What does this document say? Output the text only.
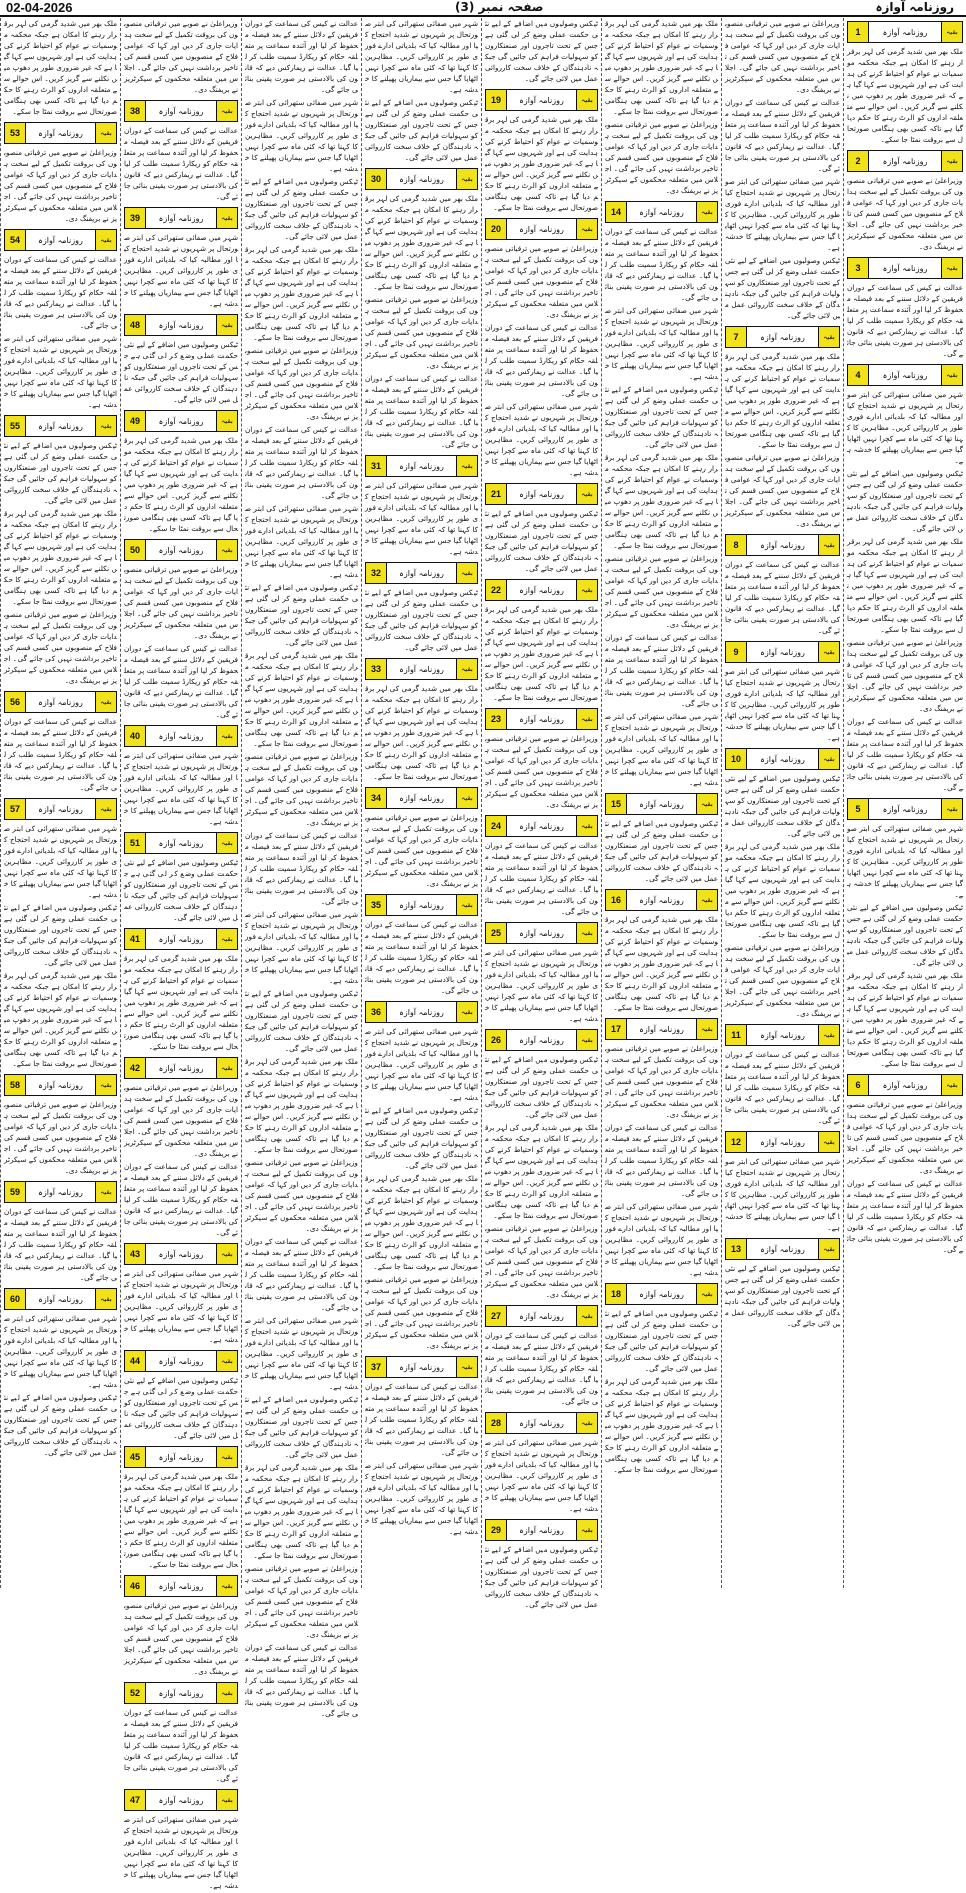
02-04-2026	صفحہ نمبر (3)	روزنامہ آوازہ

ملک بھر میں شدید گرمی کی لہر برقرار رہنے کا امکان ہے جبکہ محکمہ موسمیات نے عوام کو احتیاط کرنے کی ہدایت کی ہے اور شہریوں سے کہا گیا ہے کہ غیر ضروری طور پر دھوپ میں نکلنے سے گریز کریں۔ اس حوالے سے متعلقہ اداروں کو الرٹ رہنے کا حکم دیا گیا ہے تاکہ کسی بھی ہنگامی صورتحال سے بروقت نمٹا جا سکے۔

53	روزنامہ آوازہ	بقیہ

وزیراعلیٰ نے صوبے میں ترقیاتی منصوبوں کی بروقت تکمیل کے لیے سخت ہدایات جاری کر دیں اور کہا کہ عوامی فلاح کے منصوبوں میں کسی قسم کی تاخیر برداشت نہیں کی جائے گی۔ اجلاس میں متعلقہ محکموں کے سیکرٹریز نے بریفنگ دی۔

54	روزنامہ آوازہ	بقیہ

عدالت نے کیس کی سماعت کے دوران فریقین کے دلائل سننے کے بعد فیصلہ محفوظ کر لیا اور آئندہ سماعت پر متعلقہ حکام کو ریکارڈ سمیت طلب کر لیا گیا۔ عدالت نے ریمارکس دیے کہ قانون کی بالادستی ہر صورت یقینی بنائی جائے گی۔

شہر میں صفائی ستھرائی کی ابتر صورتحال پر شہریوں نے شدید احتجاج کیا اور مطالبہ کیا کہ بلدیاتی ادارے فوری طور پر کارروائی کریں۔ مظاہرین کا کہنا تھا کہ کئی ماہ سے کچرا نہیں اٹھایا گیا جس سے بیماریاں پھیلنے کا خدشہ ہے۔

55	روزنامہ آوازہ	بقیہ

ٹیکس وصولیوں میں اضافے کے لیے نئی حکمت عملی وضع کر لی گئی ہے جس کے تحت تاجروں اور صنعتکاروں کو سہولیات فراہم کی جائیں گی جبکہ نادہندگان کے خلاف سخت کارروائی عمل میں لائی جائے گی۔

ملک بھر میں شدید گرمی کی لہر برقرار رہنے کا امکان ہے جبکہ محکمہ موسمیات نے عوام کو احتیاط کرنے کی ہدایت کی ہے اور شہریوں سے کہا گیا ہے کہ غیر ضروری طور پر دھوپ میں نکلنے سے گریز کریں۔ اس حوالے سے متعلقہ اداروں کو الرٹ رہنے کا حکم دیا گیا ہے تاکہ کسی بھی ہنگامی صورتحال سے بروقت نمٹا جا سکے۔

وزیراعلیٰ نے صوبے میں ترقیاتی منصوبوں کی بروقت تکمیل کے لیے سخت ہدایات جاری کر دیں اور کہا کہ عوامی فلاح کے منصوبوں میں کسی قسم کی تاخیر برداشت نہیں کی جائے گی۔ اجلاس میں متعلقہ محکموں کے سیکرٹریز نے بریفنگ دی۔

56	روزنامہ آوازہ	بقیہ

عدالت نے کیس کی سماعت کے دوران فریقین کے دلائل سننے کے بعد فیصلہ محفوظ کر لیا اور آئندہ سماعت پر متعلقہ حکام کو ریکارڈ سمیت طلب کر لیا گیا۔ عدالت نے ریمارکس دیے کہ قانون کی بالادستی ہر صورت یقینی بنائی جائے گی۔

57	روزنامہ آوازہ	بقیہ

شہر میں صفائی ستھرائی کی ابتر صورتحال پر شہریوں نے شدید احتجاج کیا اور مطالبہ کیا کہ بلدیاتی ادارے فوری طور پر کارروائی کریں۔ مظاہرین کا کہنا تھا کہ کئی ماہ سے کچرا نہیں اٹھایا گیا جس سے بیماریاں پھیلنے کا خدشہ ہے۔

ٹیکس وصولیوں میں اضافے کے لیے نئی حکمت عملی وضع کر لی گئی ہے جس کے تحت تاجروں اور صنعتکاروں کو سہولیات فراہم کی جائیں گی جبکہ نادہندگان کے خلاف سخت کارروائی عمل میں لائی جائے گی۔

ملک بھر میں شدید گرمی کی لہر برقرار رہنے کا امکان ہے جبکہ محکمہ موسمیات نے عوام کو احتیاط کرنے کی ہدایت کی ہے اور شہریوں سے کہا گیا ہے کہ غیر ضروری طور پر دھوپ میں نکلنے سے گریز کریں۔ اس حوالے سے متعلقہ اداروں کو الرٹ رہنے کا حکم دیا گیا ہے تاکہ کسی بھی ہنگامی صورتحال سے بروقت نمٹا جا سکے۔

58	روزنامہ آوازہ	بقیہ

وزیراعلیٰ نے صوبے میں ترقیاتی منصوبوں کی بروقت تکمیل کے لیے سخت ہدایات جاری کر دیں اور کہا کہ عوامی فلاح کے منصوبوں میں کسی قسم کی تاخیر برداشت نہیں کی جائے گی۔ اجلاس میں متعلقہ محکموں کے سیکرٹریز نے بریفنگ دی۔

59	روزنامہ آوازہ	بقیہ

عدالت نے کیس کی سماعت کے دوران فریقین کے دلائل سننے کے بعد فیصلہ محفوظ کر لیا اور آئندہ سماعت پر متعلقہ حکام کو ریکارڈ سمیت طلب کر لیا گیا۔ عدالت نے ریمارکس دیے کہ قانون کی بالادستی ہر صورت یقینی بنائی جائے گی۔

60	روزنامہ آوازہ	بقیہ

شہر میں صفائی ستھرائی کی ابتر صورتحال پر شہریوں نے شدید احتجاج کیا اور مطالبہ کیا کہ بلدیاتی ادارے فوری طور پر کارروائی کریں۔ مظاہرین کا کہنا تھا کہ کئی ماہ سے کچرا نہیں اٹھایا گیا جس سے بیماریاں پھیلنے کا خدشہ ہے۔

ٹیکس وصولیوں میں اضافے کے لیے نئی حکمت عملی وضع کر لی گئی ہے جس کے تحت تاجروں اور صنعتکاروں کو سہولیات فراہم کی جائیں گی جبکہ نادہندگان کے خلاف سخت کارروائی عمل میں لائی جائے گی۔

وزیراعلیٰ نے صوبے میں ترقیاتی منصوبوں کی بروقت تکمیل کے لیے سخت ہدایات جاری کر دیں اور کہا کہ عوامی فلاح کے منصوبوں میں کسی قسم کی تاخیر برداشت نہیں کی جائے گی۔ اجلاس میں متعلقہ محکموں کے سیکرٹریز نے بریفنگ دی۔

38	روزنامہ آوازہ	بقیہ

عدالت نے کیس کی سماعت کے دوران فریقین کے دلائل سننے کے بعد فیصلہ محفوظ کر لیا اور آئندہ سماعت پر متعلقہ حکام کو ریکارڈ سمیت طلب کر لیا گیا۔ عدالت نے ریمارکس دیے کہ قانون کی بالادستی ہر صورت یقینی بنائی جائے گی۔

39	روزنامہ آوازہ	بقیہ

شہر میں صفائی ستھرائی کی ابتر صورتحال پر شہریوں نے شدید احتجاج کیا اور مطالبہ کیا کہ بلدیاتی ادارے فوری طور پر کارروائی کریں۔ مظاہرین کا کہنا تھا کہ کئی ماہ سے کچرا نہیں اٹھایا گیا جس سے بیماریاں پھیلنے کا خدشہ ہے۔

48	روزنامہ آوازہ	بقیہ

ٹیکس وصولیوں میں اضافے کے لیے نئی حکمت عملی وضع کر لی گئی ہے جس کے تحت تاجروں اور صنعتکاروں کو سہولیات فراہم کی جائیں گی جبکہ نادہندگان کے خلاف سخت کارروائی عمل میں لائی جائے گی۔

49	روزنامہ آوازہ	بقیہ

ملک بھر میں شدید گرمی کی لہر برقرار رہنے کا امکان ہے جبکہ محکمہ موسمیات نے عوام کو احتیاط کرنے کی ہدایت کی ہے اور شہریوں سے کہا گیا ہے کہ غیر ضروری طور پر دھوپ میں نکلنے سے گریز کریں۔ اس حوالے سے متعلقہ اداروں کو الرٹ رہنے کا حکم دیا گیا ہے تاکہ کسی بھی ہنگامی صورتحال سے بروقت نمٹا جا سکے۔

50	روزنامہ آوازہ	بقیہ

وزیراعلیٰ نے صوبے میں ترقیاتی منصوبوں کی بروقت تکمیل کے لیے سخت ہدایات جاری کر دیں اور کہا کہ عوامی فلاح کے منصوبوں میں کسی قسم کی تاخیر برداشت نہیں کی جائے گی۔ اجلاس میں متعلقہ محکموں کے سیکرٹریز نے بریفنگ دی۔

عدالت نے کیس کی سماعت کے دوران فریقین کے دلائل سننے کے بعد فیصلہ محفوظ کر لیا اور آئندہ سماعت پر متعلقہ حکام کو ریکارڈ سمیت طلب کر لیا گیا۔ عدالت نے ریمارکس دیے کہ قانون کی بالادستی ہر صورت یقینی بنائی جائے گی۔

40	روزنامہ آوازہ	بقیہ

شہر میں صفائی ستھرائی کی ابتر صورتحال پر شہریوں نے شدید احتجاج کیا اور مطالبہ کیا کہ بلدیاتی ادارے فوری طور پر کارروائی کریں۔ مظاہرین کا کہنا تھا کہ کئی ماہ سے کچرا نہیں اٹھایا گیا جس سے بیماریاں پھیلنے کا خدشہ ہے۔

51	روزنامہ آوازہ	بقیہ

ٹیکس وصولیوں میں اضافے کے لیے نئی حکمت عملی وضع کر لی گئی ہے جس کے تحت تاجروں اور صنعتکاروں کو سہولیات فراہم کی جائیں گی جبکہ نادہندگان کے خلاف سخت کارروائی عمل میں لائی جائے گی۔

41	روزنامہ آوازہ	بقیہ

ملک بھر میں شدید گرمی کی لہر برقرار رہنے کا امکان ہے جبکہ محکمہ موسمیات نے عوام کو احتیاط کرنے کی ہدایت کی ہے اور شہریوں سے کہا گیا ہے کہ غیر ضروری طور پر دھوپ میں نکلنے سے گریز کریں۔ اس حوالے سے متعلقہ اداروں کو الرٹ رہنے کا حکم دیا گیا ہے تاکہ کسی بھی ہنگامی صورتحال سے بروقت نمٹا جا سکے۔

42	روزنامہ آوازہ	بقیہ

وزیراعلیٰ نے صوبے میں ترقیاتی منصوبوں کی بروقت تکمیل کے لیے سخت ہدایات جاری کر دیں اور کہا کہ عوامی فلاح کے منصوبوں میں کسی قسم کی تاخیر برداشت نہیں کی جائے گی۔ اجلاس میں متعلقہ محکموں کے سیکرٹریز نے بریفنگ دی۔

عدالت نے کیس کی سماعت کے دوران فریقین کے دلائل سننے کے بعد فیصلہ محفوظ کر لیا اور آئندہ سماعت پر متعلقہ حکام کو ریکارڈ سمیت طلب کر لیا گیا۔ عدالت نے ریمارکس دیے کہ قانون کی بالادستی ہر صورت یقینی بنائی جائے گی۔

43	روزنامہ آوازہ	بقیہ

شہر میں صفائی ستھرائی کی ابتر صورتحال پر شہریوں نے شدید احتجاج کیا اور مطالبہ کیا کہ بلدیاتی ادارے فوری طور پر کارروائی کریں۔ مظاہرین کا کہنا تھا کہ کئی ماہ سے کچرا نہیں اٹھایا گیا جس سے بیماریاں پھیلنے کا خدشہ ہے۔

44	روزنامہ آوازہ	بقیہ

ٹیکس وصولیوں میں اضافے کے لیے نئی حکمت عملی وضع کر لی گئی ہے جس کے تحت تاجروں اور صنعتکاروں کو سہولیات فراہم کی جائیں گی جبکہ نادہندگان کے خلاف سخت کارروائی عمل میں لائی جائے گی۔

45	روزنامہ آوازہ	بقیہ

ملک بھر میں شدید گرمی کی لہر برقرار رہنے کا امکان ہے جبکہ محکمہ موسمیات نے عوام کو احتیاط کرنے کی ہدایت کی ہے اور شہریوں سے کہا گیا ہے کہ غیر ضروری طور پر دھوپ میں نکلنے سے گریز کریں۔ اس حوالے سے متعلقہ اداروں کو الرٹ رہنے کا حکم دیا گیا ہے تاکہ کسی بھی ہنگامی صورتحال سے بروقت نمٹا جا سکے۔

46	روزنامہ آوازہ	بقیہ

وزیراعلیٰ نے صوبے میں ترقیاتی منصوبوں کی بروقت تکمیل کے لیے سخت ہدایات جاری کر دیں اور کہا کہ عوامی فلاح کے منصوبوں میں کسی قسم کی تاخیر برداشت نہیں کی جائے گی۔ اجلاس میں متعلقہ محکموں کے سیکرٹریز نے بریفنگ دی۔

52	روزنامہ آوازہ	بقیہ

عدالت نے کیس کی سماعت کے دوران فریقین کے دلائل سننے کے بعد فیصلہ محفوظ کر لیا اور آئندہ سماعت پر متعلقہ حکام کو ریکارڈ سمیت طلب کر لیا گیا۔ عدالت نے ریمارکس دیے کہ قانون کی بالادستی ہر صورت یقینی بنائی جائے گی۔

47	روزنامہ آوازہ	بقیہ

شہر میں صفائی ستھرائی کی ابتر صورتحال پر شہریوں نے شدید احتجاج کیا اور مطالبہ کیا کہ بلدیاتی ادارے فوری طور پر کارروائی کریں۔ مظاہرین کا کہنا تھا کہ کئی ماہ سے کچرا نہیں اٹھایا گیا جس سے بیماریاں پھیلنے کا خدشہ ہے۔

عدالت نے کیس کی سماعت کے دوران فریقین کے دلائل سننے کے بعد فیصلہ محفوظ کر لیا اور آئندہ سماعت پر متعلقہ حکام کو ریکارڈ سمیت طلب کر لیا گیا۔ عدالت نے ریمارکس دیے کہ قانون کی بالادستی ہر صورت یقینی بنائی جائے گی۔

شہر میں صفائی ستھرائی کی ابتر صورتحال پر شہریوں نے شدید احتجاج کیا اور مطالبہ کیا کہ بلدیاتی ادارے فوری طور پر کارروائی کریں۔ مظاہرین کا کہنا تھا کہ کئی ماہ سے کچرا نہیں اٹھایا گیا جس سے بیماریاں پھیلنے کا خدشہ ہے۔

ٹیکس وصولیوں میں اضافے کے لیے نئی حکمت عملی وضع کر لی گئی ہے جس کے تحت تاجروں اور صنعتکاروں کو سہولیات فراہم کی جائیں گی جبکہ نادہندگان کے خلاف سخت کارروائی عمل میں لائی جائے گی۔

ملک بھر میں شدید گرمی کی لہر برقرار رہنے کا امکان ہے جبکہ محکمہ موسمیات نے عوام کو احتیاط کرنے کی ہدایت کی ہے اور شہریوں سے کہا گیا ہے کہ غیر ضروری طور پر دھوپ میں نکلنے سے گریز کریں۔ اس حوالے سے متعلقہ اداروں کو الرٹ رہنے کا حکم دیا گیا ہے تاکہ کسی بھی ہنگامی صورتحال سے بروقت نمٹا جا سکے۔

وزیراعلیٰ نے صوبے میں ترقیاتی منصوبوں کی بروقت تکمیل کے لیے سخت ہدایات جاری کر دیں اور کہا کہ عوامی فلاح کے منصوبوں میں کسی قسم کی تاخیر برداشت نہیں کی جائے گی۔ اجلاس میں متعلقہ محکموں کے سیکرٹریز نے بریفنگ دی۔

عدالت نے کیس کی سماعت کے دوران فریقین کے دلائل سننے کے بعد فیصلہ محفوظ کر لیا اور آئندہ سماعت پر متعلقہ حکام کو ریکارڈ سمیت طلب کر لیا گیا۔ عدالت نے ریمارکس دیے کہ قانون کی بالادستی ہر صورت یقینی بنائی جائے گی۔

شہر میں صفائی ستھرائی کی ابتر صورتحال پر شہریوں نے شدید احتجاج کیا اور مطالبہ کیا کہ بلدیاتی ادارے فوری طور پر کارروائی کریں۔ مظاہرین کا کہنا تھا کہ کئی ماہ سے کچرا نہیں اٹھایا گیا جس سے بیماریاں پھیلنے کا خدشہ ہے۔

ٹیکس وصولیوں میں اضافے کے لیے نئی حکمت عملی وضع کر لی گئی ہے جس کے تحت تاجروں اور صنعتکاروں کو سہولیات فراہم کی جائیں گی جبکہ نادہندگان کے خلاف سخت کارروائی عمل میں لائی جائے گی۔

ملک بھر میں شدید گرمی کی لہر برقرار رہنے کا امکان ہے جبکہ محکمہ موسمیات نے عوام کو احتیاط کرنے کی ہدایت کی ہے اور شہریوں سے کہا گیا ہے کہ غیر ضروری طور پر دھوپ میں نکلنے سے گریز کریں۔ اس حوالے سے متعلقہ اداروں کو الرٹ رہنے کا حکم دیا گیا ہے تاکہ کسی بھی ہنگامی صورتحال سے بروقت نمٹا جا سکے۔

وزیراعلیٰ نے صوبے میں ترقیاتی منصوبوں کی بروقت تکمیل کے لیے سخت ہدایات جاری کر دیں اور کہا کہ عوامی فلاح کے منصوبوں میں کسی قسم کی تاخیر برداشت نہیں کی جائے گی۔ اجلاس میں متعلقہ محکموں کے سیکرٹریز نے بریفنگ دی۔

عدالت نے کیس کی سماعت کے دوران فریقین کے دلائل سننے کے بعد فیصلہ محفوظ کر لیا اور آئندہ سماعت پر متعلقہ حکام کو ریکارڈ سمیت طلب کر لیا گیا۔ عدالت نے ریمارکس دیے کہ قانون کی بالادستی ہر صورت یقینی بنائی جائے گی۔

شہر میں صفائی ستھرائی کی ابتر صورتحال پر شہریوں نے شدید احتجاج کیا اور مطالبہ کیا کہ بلدیاتی ادارے فوری طور پر کارروائی کریں۔ مظاہرین کا کہنا تھا کہ کئی ماہ سے کچرا نہیں اٹھایا گیا جس سے بیماریاں پھیلنے کا خدشہ ہے۔

ٹیکس وصولیوں میں اضافے کے لیے نئی حکمت عملی وضع کر لی گئی ہے جس کے تحت تاجروں اور صنعتکاروں کو سہولیات فراہم کی جائیں گی جبکہ نادہندگان کے خلاف سخت کارروائی عمل میں لائی جائے گی۔

ملک بھر میں شدید گرمی کی لہر برقرار رہنے کا امکان ہے جبکہ محکمہ موسمیات نے عوام کو احتیاط کرنے کی ہدایت کی ہے اور شہریوں سے کہا گیا ہے کہ غیر ضروری طور پر دھوپ میں نکلنے سے گریز کریں۔ اس حوالے سے متعلقہ اداروں کو الرٹ رہنے کا حکم دیا گیا ہے تاکہ کسی بھی ہنگامی صورتحال سے بروقت نمٹا جا سکے۔

وزیراعلیٰ نے صوبے میں ترقیاتی منصوبوں کی بروقت تکمیل کے لیے سخت ہدایات جاری کر دیں اور کہا کہ عوامی فلاح کے منصوبوں میں کسی قسم کی تاخیر برداشت نہیں کی جائے گی۔ اجلاس میں متعلقہ محکموں کے سیکرٹریز نے بریفنگ دی۔

عدالت نے کیس کی سماعت کے دوران فریقین کے دلائل سننے کے بعد فیصلہ محفوظ کر لیا اور آئندہ سماعت پر متعلقہ حکام کو ریکارڈ سمیت طلب کر لیا گیا۔ عدالت نے ریمارکس دیے کہ قانون کی بالادستی ہر صورت یقینی بنائی جائے گی۔

شہر میں صفائی ستھرائی کی ابتر صورتحال پر شہریوں نے شدید احتجاج کیا اور مطالبہ کیا کہ بلدیاتی ادارے فوری طور پر کارروائی کریں۔ مظاہرین کا کہنا تھا کہ کئی ماہ سے کچرا نہیں اٹھایا گیا جس سے بیماریاں پھیلنے کا خدشہ ہے۔

ٹیکس وصولیوں میں اضافے کے لیے نئی حکمت عملی وضع کر لی گئی ہے جس کے تحت تاجروں اور صنعتکاروں کو سہولیات فراہم کی جائیں گی جبکہ نادہندگان کے خلاف سخت کارروائی عمل میں لائی جائے گی۔

ملک بھر میں شدید گرمی کی لہر برقرار رہنے کا امکان ہے جبکہ محکمہ موسمیات نے عوام کو احتیاط کرنے کی ہدایت کی ہے اور شہریوں سے کہا گیا ہے کہ غیر ضروری طور پر دھوپ میں نکلنے سے گریز کریں۔ اس حوالے سے متعلقہ اداروں کو الرٹ رہنے کا حکم دیا گیا ہے تاکہ کسی بھی ہنگامی صورتحال سے بروقت نمٹا جا سکے۔

وزیراعلیٰ نے صوبے میں ترقیاتی منصوبوں کی بروقت تکمیل کے لیے سخت ہدایات جاری کر دیں اور کہا کہ عوامی فلاح کے منصوبوں میں کسی قسم کی تاخیر برداشت نہیں کی جائے گی۔ اجلاس میں متعلقہ محکموں کے سیکرٹریز نے بریفنگ دی۔

عدالت نے کیس کی سماعت کے دوران فریقین کے دلائل سننے کے بعد فیصلہ محفوظ کر لیا اور آئندہ سماعت پر متعلقہ حکام کو ریکارڈ سمیت طلب کر لیا گیا۔ عدالت نے ریمارکس دیے کہ قانون کی بالادستی ہر صورت یقینی بنائی جائے گی۔

شہر میں صفائی ستھرائی کی ابتر صورتحال پر شہریوں نے شدید احتجاج کیا اور مطالبہ کیا کہ بلدیاتی ادارے فوری طور پر کارروائی کریں۔ مظاہرین کا کہنا تھا کہ کئی ماہ سے کچرا نہیں اٹھایا گیا جس سے بیماریاں پھیلنے کا خدشہ ہے۔

ٹیکس وصولیوں میں اضافے کے لیے نئی حکمت عملی وضع کر لی گئی ہے جس کے تحت تاجروں اور صنعتکاروں کو سہولیات فراہم کی جائیں گی جبکہ نادہندگان کے خلاف سخت کارروائی عمل میں لائی جائے گی۔

30	روزنامہ آوازہ	بقیہ

ملک بھر میں شدید گرمی کی لہر برقرار رہنے کا امکان ہے جبکہ محکمہ موسمیات نے عوام کو احتیاط کرنے کی ہدایت کی ہے اور شہریوں سے کہا گیا ہے کہ غیر ضروری طور پر دھوپ میں نکلنے سے گریز کریں۔ اس حوالے سے متعلقہ اداروں کو الرٹ رہنے کا حکم دیا گیا ہے تاکہ کسی بھی ہنگامی صورتحال سے بروقت نمٹا جا سکے۔

وزیراعلیٰ نے صوبے میں ترقیاتی منصوبوں کی بروقت تکمیل کے لیے سخت ہدایات جاری کر دیں اور کہا کہ عوامی فلاح کے منصوبوں میں کسی قسم کی تاخیر برداشت نہیں کی جائے گی۔ اجلاس میں متعلقہ محکموں کے سیکرٹریز نے بریفنگ دی۔

عدالت نے کیس کی سماعت کے دوران فریقین کے دلائل سننے کے بعد فیصلہ محفوظ کر لیا اور آئندہ سماعت پر متعلقہ حکام کو ریکارڈ سمیت طلب کر لیا گیا۔ عدالت نے ریمارکس دیے کہ قانون کی بالادستی ہر صورت یقینی بنائی جائے گی۔

31	روزنامہ آوازہ	بقیہ

شہر میں صفائی ستھرائی کی ابتر صورتحال پر شہریوں نے شدید احتجاج کیا اور مطالبہ کیا کہ بلدیاتی ادارے فوری طور پر کارروائی کریں۔ مظاہرین کا کہنا تھا کہ کئی ماہ سے کچرا نہیں اٹھایا گیا جس سے بیماریاں پھیلنے کا خدشہ ہے۔

32	روزنامہ آوازہ	بقیہ

ٹیکس وصولیوں میں اضافے کے لیے نئی حکمت عملی وضع کر لی گئی ہے جس کے تحت تاجروں اور صنعتکاروں کو سہولیات فراہم کی جائیں گی جبکہ نادہندگان کے خلاف سخت کارروائی عمل میں لائی جائے گی۔

33	روزنامہ آوازہ	بقیہ

ملک بھر میں شدید گرمی کی لہر برقرار رہنے کا امکان ہے جبکہ محکمہ موسمیات نے عوام کو احتیاط کرنے کی ہدایت کی ہے اور شہریوں سے کہا گیا ہے کہ غیر ضروری طور پر دھوپ میں نکلنے سے گریز کریں۔ اس حوالے سے متعلقہ اداروں کو الرٹ رہنے کا حکم دیا گیا ہے تاکہ کسی بھی ہنگامی صورتحال سے بروقت نمٹا جا سکے۔

34	روزنامہ آوازہ	بقیہ

وزیراعلیٰ نے صوبے میں ترقیاتی منصوبوں کی بروقت تکمیل کے لیے سخت ہدایات جاری کر دیں اور کہا کہ عوامی فلاح کے منصوبوں میں کسی قسم کی تاخیر برداشت نہیں کی جائے گی۔ اجلاس میں متعلقہ محکموں کے سیکرٹریز نے بریفنگ دی۔

35	روزنامہ آوازہ	بقیہ

عدالت نے کیس کی سماعت کے دوران فریقین کے دلائل سننے کے بعد فیصلہ محفوظ کر لیا اور آئندہ سماعت پر متعلقہ حکام کو ریکارڈ سمیت طلب کر لیا گیا۔ عدالت نے ریمارکس دیے کہ قانون کی بالادستی ہر صورت یقینی بنائی جائے گی۔

36	روزنامہ آوازہ	بقیہ

شہر میں صفائی ستھرائی کی ابتر صورتحال پر شہریوں نے شدید احتجاج کیا اور مطالبہ کیا کہ بلدیاتی ادارے فوری طور پر کارروائی کریں۔ مظاہرین کا کہنا تھا کہ کئی ماہ سے کچرا نہیں اٹھایا گیا جس سے بیماریاں پھیلنے کا خدشہ ہے۔

ٹیکس وصولیوں میں اضافے کے لیے نئی حکمت عملی وضع کر لی گئی ہے جس کے تحت تاجروں اور صنعتکاروں کو سہولیات فراہم کی جائیں گی جبکہ نادہندگان کے خلاف سخت کارروائی عمل میں لائی جائے گی۔

ملک بھر میں شدید گرمی کی لہر برقرار رہنے کا امکان ہے جبکہ محکمہ موسمیات نے عوام کو احتیاط کرنے کی ہدایت کی ہے اور شہریوں سے کہا گیا ہے کہ غیر ضروری طور پر دھوپ میں نکلنے سے گریز کریں۔ اس حوالے سے متعلقہ اداروں کو الرٹ رہنے کا حکم دیا گیا ہے تاکہ کسی بھی ہنگامی صورتحال سے بروقت نمٹا جا سکے۔

وزیراعلیٰ نے صوبے میں ترقیاتی منصوبوں کی بروقت تکمیل کے لیے سخت ہدایات جاری کر دیں اور کہا کہ عوامی فلاح کے منصوبوں میں کسی قسم کی تاخیر برداشت نہیں کی جائے گی۔ اجلاس میں متعلقہ محکموں کے سیکرٹریز نے بریفنگ دی۔

37	روزنامہ آوازہ	بقیہ

عدالت نے کیس کی سماعت کے دوران فریقین کے دلائل سننے کے بعد فیصلہ محفوظ کر لیا اور آئندہ سماعت پر متعلقہ حکام کو ریکارڈ سمیت طلب کر لیا گیا۔ عدالت نے ریمارکس دیے کہ قانون کی بالادستی ہر صورت یقینی بنائی جائے گی۔

شہر میں صفائی ستھرائی کی ابتر صورتحال پر شہریوں نے شدید احتجاج کیا اور مطالبہ کیا کہ بلدیاتی ادارے فوری طور پر کارروائی کریں۔ مظاہرین کا کہنا تھا کہ کئی ماہ سے کچرا نہیں اٹھایا گیا جس سے بیماریاں پھیلنے کا خدشہ ہے۔

ٹیکس وصولیوں میں اضافے کے لیے نئی حکمت عملی وضع کر لی گئی ہے جس کے تحت تاجروں اور صنعتکاروں کو سہولیات فراہم کی جائیں گی جبکہ نادہندگان کے خلاف سخت کارروائی عمل میں لائی جائے گی۔

19	روزنامہ آوازہ	بقیہ

ملک بھر میں شدید گرمی کی لہر برقرار رہنے کا امکان ہے جبکہ محکمہ موسمیات نے عوام کو احتیاط کرنے کی ہدایت کی ہے اور شہریوں سے کہا گیا ہے کہ غیر ضروری طور پر دھوپ میں نکلنے سے گریز کریں۔ اس حوالے سے متعلقہ اداروں کو الرٹ رہنے کا حکم دیا گیا ہے تاکہ کسی بھی ہنگامی صورتحال سے بروقت نمٹا جا سکے۔

20	روزنامہ آوازہ	بقیہ

وزیراعلیٰ نے صوبے میں ترقیاتی منصوبوں کی بروقت تکمیل کے لیے سخت ہدایات جاری کر دیں اور کہا کہ عوامی فلاح کے منصوبوں میں کسی قسم کی تاخیر برداشت نہیں کی جائے گی۔ اجلاس میں متعلقہ محکموں کے سیکرٹریز نے بریفنگ دی۔

عدالت نے کیس کی سماعت کے دوران فریقین کے دلائل سننے کے بعد فیصلہ محفوظ کر لیا اور آئندہ سماعت پر متعلقہ حکام کو ریکارڈ سمیت طلب کر لیا گیا۔ عدالت نے ریمارکس دیے کہ قانون کی بالادستی ہر صورت یقینی بنائی جائے گی۔

شہر میں صفائی ستھرائی کی ابتر صورتحال پر شہریوں نے شدید احتجاج کیا اور مطالبہ کیا کہ بلدیاتی ادارے فوری طور پر کارروائی کریں۔ مظاہرین کا کہنا تھا کہ کئی ماہ سے کچرا نہیں اٹھایا گیا جس سے بیماریاں پھیلنے کا خدشہ ہے۔

21	روزنامہ آوازہ	بقیہ

ٹیکس وصولیوں میں اضافے کے لیے نئی حکمت عملی وضع کر لی گئی ہے جس کے تحت تاجروں اور صنعتکاروں کو سہولیات فراہم کی جائیں گی جبکہ نادہندگان کے خلاف سخت کارروائی عمل میں لائی جائے گی۔

22	روزنامہ آوازہ	بقیہ

ملک بھر میں شدید گرمی کی لہر برقرار رہنے کا امکان ہے جبکہ محکمہ موسمیات نے عوام کو احتیاط کرنے کی ہدایت کی ہے اور شہریوں سے کہا گیا ہے کہ غیر ضروری طور پر دھوپ میں نکلنے سے گریز کریں۔ اس حوالے سے متعلقہ اداروں کو الرٹ رہنے کا حکم دیا گیا ہے تاکہ کسی بھی ہنگامی صورتحال سے بروقت نمٹا جا سکے۔

23	روزنامہ آوازہ	بقیہ

وزیراعلیٰ نے صوبے میں ترقیاتی منصوبوں کی بروقت تکمیل کے لیے سخت ہدایات جاری کر دیں اور کہا کہ عوامی فلاح کے منصوبوں میں کسی قسم کی تاخیر برداشت نہیں کی جائے گی۔ اجلاس میں متعلقہ محکموں کے سیکرٹریز نے بریفنگ دی۔

24	روزنامہ آوازہ	بقیہ

عدالت نے کیس کی سماعت کے دوران فریقین کے دلائل سننے کے بعد فیصلہ محفوظ کر لیا اور آئندہ سماعت پر متعلقہ حکام کو ریکارڈ سمیت طلب کر لیا گیا۔ عدالت نے ریمارکس دیے کہ قانون کی بالادستی ہر صورت یقینی بنائی جائے گی۔

25	روزنامہ آوازہ	بقیہ

شہر میں صفائی ستھرائی کی ابتر صورتحال پر شہریوں نے شدید احتجاج کیا اور مطالبہ کیا کہ بلدیاتی ادارے فوری طور پر کارروائی کریں۔ مظاہرین کا کہنا تھا کہ کئی ماہ سے کچرا نہیں اٹھایا گیا جس سے بیماریاں پھیلنے کا خدشہ ہے۔

26	روزنامہ آوازہ	بقیہ

ٹیکس وصولیوں میں اضافے کے لیے نئی حکمت عملی وضع کر لی گئی ہے جس کے تحت تاجروں اور صنعتکاروں کو سہولیات فراہم کی جائیں گی جبکہ نادہندگان کے خلاف سخت کارروائی عمل میں لائی جائے گی۔

ملک بھر میں شدید گرمی کی لہر برقرار رہنے کا امکان ہے جبکہ محکمہ موسمیات نے عوام کو احتیاط کرنے کی ہدایت کی ہے اور شہریوں سے کہا گیا ہے کہ غیر ضروری طور پر دھوپ میں نکلنے سے گریز کریں۔ اس حوالے سے متعلقہ اداروں کو الرٹ رہنے کا حکم دیا گیا ہے تاکہ کسی بھی ہنگامی صورتحال سے بروقت نمٹا جا سکے۔

وزیراعلیٰ نے صوبے میں ترقیاتی منصوبوں کی بروقت تکمیل کے لیے سخت ہدایات جاری کر دیں اور کہا کہ عوامی فلاح کے منصوبوں میں کسی قسم کی تاخیر برداشت نہیں کی جائے گی۔ اجلاس میں متعلقہ محکموں کے سیکرٹریز نے بریفنگ دی۔

27	روزنامہ آوازہ	بقیہ

عدالت نے کیس کی سماعت کے دوران فریقین کے دلائل سننے کے بعد فیصلہ محفوظ کر لیا اور آئندہ سماعت پر متعلقہ حکام کو ریکارڈ سمیت طلب کر لیا گیا۔ عدالت نے ریمارکس دیے کہ قانون کی بالادستی ہر صورت یقینی بنائی جائے گی۔

28	روزنامہ آوازہ	بقیہ

شہر میں صفائی ستھرائی کی ابتر صورتحال پر شہریوں نے شدید احتجاج کیا اور مطالبہ کیا کہ بلدیاتی ادارے فوری طور پر کارروائی کریں۔ مظاہرین کا کہنا تھا کہ کئی ماہ سے کچرا نہیں اٹھایا گیا جس سے بیماریاں پھیلنے کا خدشہ ہے۔

29	روزنامہ آوازہ	بقیہ

ٹیکس وصولیوں میں اضافے کے لیے نئی حکمت عملی وضع کر لی گئی ہے جس کے تحت تاجروں اور صنعتکاروں کو سہولیات فراہم کی جائیں گی جبکہ نادہندگان کے خلاف سخت کارروائی عمل میں لائی جائے گی۔

ملک بھر میں شدید گرمی کی لہر برقرار رہنے کا امکان ہے جبکہ محکمہ موسمیات نے عوام کو احتیاط کرنے کی ہدایت کی ہے اور شہریوں سے کہا گیا ہے کہ غیر ضروری طور پر دھوپ میں نکلنے سے گریز کریں۔ اس حوالے سے متعلقہ اداروں کو الرٹ رہنے کا حکم دیا گیا ہے تاکہ کسی بھی ہنگامی صورتحال سے بروقت نمٹا جا سکے۔

وزیراعلیٰ نے صوبے میں ترقیاتی منصوبوں کی بروقت تکمیل کے لیے سخت ہدایات جاری کر دیں اور کہا کہ عوامی فلاح کے منصوبوں میں کسی قسم کی تاخیر برداشت نہیں کی جائے گی۔ اجلاس میں متعلقہ محکموں کے سیکرٹریز نے بریفنگ دی۔

14	روزنامہ آوازہ	بقیہ

عدالت نے کیس کی سماعت کے دوران فریقین کے دلائل سننے کے بعد فیصلہ محفوظ کر لیا اور آئندہ سماعت پر متعلقہ حکام کو ریکارڈ سمیت طلب کر لیا گیا۔ عدالت نے ریمارکس دیے کہ قانون کی بالادستی ہر صورت یقینی بنائی جائے گی۔

شہر میں صفائی ستھرائی کی ابتر صورتحال پر شہریوں نے شدید احتجاج کیا اور مطالبہ کیا کہ بلدیاتی ادارے فوری طور پر کارروائی کریں۔ مظاہرین کا کہنا تھا کہ کئی ماہ سے کچرا نہیں اٹھایا گیا جس سے بیماریاں پھیلنے کا خدشہ ہے۔

ٹیکس وصولیوں میں اضافے کے لیے نئی حکمت عملی وضع کر لی گئی ہے جس کے تحت تاجروں اور صنعتکاروں کو سہولیات فراہم کی جائیں گی جبکہ نادہندگان کے خلاف سخت کارروائی عمل میں لائی جائے گی۔

ملک بھر میں شدید گرمی کی لہر برقرار رہنے کا امکان ہے جبکہ محکمہ موسمیات نے عوام کو احتیاط کرنے کی ہدایت کی ہے اور شہریوں سے کہا گیا ہے کہ غیر ضروری طور پر دھوپ میں نکلنے سے گریز کریں۔ اس حوالے سے متعلقہ اداروں کو الرٹ رہنے کا حکم دیا گیا ہے تاکہ کسی بھی ہنگامی صورتحال سے بروقت نمٹا جا سکے۔

وزیراعلیٰ نے صوبے میں ترقیاتی منصوبوں کی بروقت تکمیل کے لیے سخت ہدایات جاری کر دیں اور کہا کہ عوامی فلاح کے منصوبوں میں کسی قسم کی تاخیر برداشت نہیں کی جائے گی۔ اجلاس میں متعلقہ محکموں کے سیکرٹریز نے بریفنگ دی۔

عدالت نے کیس کی سماعت کے دوران فریقین کے دلائل سننے کے بعد فیصلہ محفوظ کر لیا اور آئندہ سماعت پر متعلقہ حکام کو ریکارڈ سمیت طلب کر لیا گیا۔ عدالت نے ریمارکس دیے کہ قانون کی بالادستی ہر صورت یقینی بنائی جائے گی۔

شہر میں صفائی ستھرائی کی ابتر صورتحال پر شہریوں نے شدید احتجاج کیا اور مطالبہ کیا کہ بلدیاتی ادارے فوری طور پر کارروائی کریں۔ مظاہرین کا کہنا تھا کہ کئی ماہ سے کچرا نہیں اٹھایا گیا جس سے بیماریاں پھیلنے کا خدشہ ہے۔

15	روزنامہ آوازہ	بقیہ

ٹیکس وصولیوں میں اضافے کے لیے نئی حکمت عملی وضع کر لی گئی ہے جس کے تحت تاجروں اور صنعتکاروں کو سہولیات فراہم کی جائیں گی جبکہ نادہندگان کے خلاف سخت کارروائی عمل میں لائی جائے گی۔

16	روزنامہ آوازہ	بقیہ

ملک بھر میں شدید گرمی کی لہر برقرار رہنے کا امکان ہے جبکہ محکمہ موسمیات نے عوام کو احتیاط کرنے کی ہدایت کی ہے اور شہریوں سے کہا گیا ہے کہ غیر ضروری طور پر دھوپ میں نکلنے سے گریز کریں۔ اس حوالے سے متعلقہ اداروں کو الرٹ رہنے کا حکم دیا گیا ہے تاکہ کسی بھی ہنگامی صورتحال سے بروقت نمٹا جا سکے۔

17	روزنامہ آوازہ	بقیہ

وزیراعلیٰ نے صوبے میں ترقیاتی منصوبوں کی بروقت تکمیل کے لیے سخت ہدایات جاری کر دیں اور کہا کہ عوامی فلاح کے منصوبوں میں کسی قسم کی تاخیر برداشت نہیں کی جائے گی۔ اجلاس میں متعلقہ محکموں کے سیکرٹریز نے بریفنگ دی۔

عدالت نے کیس کی سماعت کے دوران فریقین کے دلائل سننے کے بعد فیصلہ محفوظ کر لیا اور آئندہ سماعت پر متعلقہ حکام کو ریکارڈ سمیت طلب کر لیا گیا۔ عدالت نے ریمارکس دیے کہ قانون کی بالادستی ہر صورت یقینی بنائی جائے گی۔

شہر میں صفائی ستھرائی کی ابتر صورتحال پر شہریوں نے شدید احتجاج کیا اور مطالبہ کیا کہ بلدیاتی ادارے فوری طور پر کارروائی کریں۔ مظاہرین کا کہنا تھا کہ کئی ماہ سے کچرا نہیں اٹھایا گیا جس سے بیماریاں پھیلنے کا خدشہ ہے۔

18	روزنامہ آوازہ	بقیہ

ٹیکس وصولیوں میں اضافے کے لیے نئی حکمت عملی وضع کر لی گئی ہے جس کے تحت تاجروں اور صنعتکاروں کو سہولیات فراہم کی جائیں گی جبکہ نادہندگان کے خلاف سخت کارروائی عمل میں لائی جائے گی۔

ملک بھر میں شدید گرمی کی لہر برقرار رہنے کا امکان ہے جبکہ محکمہ موسمیات نے عوام کو احتیاط کرنے کی ہدایت کی ہے اور شہریوں سے کہا گیا ہے کہ غیر ضروری طور پر دھوپ میں نکلنے سے گریز کریں۔ اس حوالے سے متعلقہ اداروں کو الرٹ رہنے کا حکم دیا گیا ہے تاکہ کسی بھی ہنگامی صورتحال سے بروقت نمٹا جا سکے۔

وزیراعلیٰ نے صوبے میں ترقیاتی منصوبوں کی بروقت تکمیل کے لیے سخت ہدایات جاری کر دیں اور کہا کہ عوامی فلاح کے منصوبوں میں کسی قسم کی تاخیر برداشت نہیں کی جائے گی۔ اجلاس میں متعلقہ محکموں کے سیکرٹریز نے بریفنگ دی۔

عدالت نے کیس کی سماعت کے دوران فریقین کے دلائل سننے کے بعد فیصلہ محفوظ کر لیا اور آئندہ سماعت پر متعلقہ حکام کو ریکارڈ سمیت طلب کر لیا گیا۔ عدالت نے ریمارکس دیے کہ قانون کی بالادستی ہر صورت یقینی بنائی جائے گی۔

شہر میں صفائی ستھرائی کی ابتر صورتحال پر شہریوں نے شدید احتجاج کیا اور مطالبہ کیا کہ بلدیاتی ادارے فوری طور پر کارروائی کریں۔ مظاہرین کا کہنا تھا کہ کئی ماہ سے کچرا نہیں اٹھایا گیا جس سے بیماریاں پھیلنے کا خدشہ ہے۔

ٹیکس وصولیوں میں اضافے کے لیے نئی حکمت عملی وضع کر لی گئی ہے جس کے تحت تاجروں اور صنعتکاروں کو سہولیات فراہم کی جائیں گی جبکہ نادہندگان کے خلاف سخت کارروائی عمل میں لائی جائے گی۔

7	روزنامہ آوازہ	بقیہ

ملک بھر میں شدید گرمی کی لہر برقرار رہنے کا امکان ہے جبکہ محکمہ موسمیات نے عوام کو احتیاط کرنے کی ہدایت کی ہے اور شہریوں سے کہا گیا ہے کہ غیر ضروری طور پر دھوپ میں نکلنے سے گریز کریں۔ اس حوالے سے متعلقہ اداروں کو الرٹ رہنے کا حکم دیا گیا ہے تاکہ کسی بھی ہنگامی صورتحال سے بروقت نمٹا جا سکے۔

وزیراعلیٰ نے صوبے میں ترقیاتی منصوبوں کی بروقت تکمیل کے لیے سخت ہدایات جاری کر دیں اور کہا کہ عوامی فلاح کے منصوبوں میں کسی قسم کی تاخیر برداشت نہیں کی جائے گی۔ اجلاس میں متعلقہ محکموں کے سیکرٹریز نے بریفنگ دی۔

8	روزنامہ آوازہ	بقیہ

عدالت نے کیس کی سماعت کے دوران فریقین کے دلائل سننے کے بعد فیصلہ محفوظ کر لیا اور آئندہ سماعت پر متعلقہ حکام کو ریکارڈ سمیت طلب کر لیا گیا۔ عدالت نے ریمارکس دیے کہ قانون کی بالادستی ہر صورت یقینی بنائی جائے گی۔

9	روزنامہ آوازہ	بقیہ

شہر میں صفائی ستھرائی کی ابتر صورتحال پر شہریوں نے شدید احتجاج کیا اور مطالبہ کیا کہ بلدیاتی ادارے فوری طور پر کارروائی کریں۔ مظاہرین کا کہنا تھا کہ کئی ماہ سے کچرا نہیں اٹھایا گیا جس سے بیماریاں پھیلنے کا خدشہ ہے۔

10	روزنامہ آوازہ	بقیہ

ٹیکس وصولیوں میں اضافے کے لیے نئی حکمت عملی وضع کر لی گئی ہے جس کے تحت تاجروں اور صنعتکاروں کو سہولیات فراہم کی جائیں گی جبکہ نادہندگان کے خلاف سخت کارروائی عمل میں لائی جائے گی۔

ملک بھر میں شدید گرمی کی لہر برقرار رہنے کا امکان ہے جبکہ محکمہ موسمیات نے عوام کو احتیاط کرنے کی ہدایت کی ہے اور شہریوں سے کہا گیا ہے کہ غیر ضروری طور پر دھوپ میں نکلنے سے گریز کریں۔ اس حوالے سے متعلقہ اداروں کو الرٹ رہنے کا حکم دیا گیا ہے تاکہ کسی بھی ہنگامی صورتحال سے بروقت نمٹا جا سکے۔

وزیراعلیٰ نے صوبے میں ترقیاتی منصوبوں کی بروقت تکمیل کے لیے سخت ہدایات جاری کر دیں اور کہا کہ عوامی فلاح کے منصوبوں میں کسی قسم کی تاخیر برداشت نہیں کی جائے گی۔ اجلاس میں متعلقہ محکموں کے سیکرٹریز نے بریفنگ دی۔

11	روزنامہ آوازہ	بقیہ

عدالت نے کیس کی سماعت کے دوران فریقین کے دلائل سننے کے بعد فیصلہ محفوظ کر لیا اور آئندہ سماعت پر متعلقہ حکام کو ریکارڈ سمیت طلب کر لیا گیا۔ عدالت نے ریمارکس دیے کہ قانون کی بالادستی ہر صورت یقینی بنائی جائے گی۔

12	روزنامہ آوازہ	بقیہ

شہر میں صفائی ستھرائی کی ابتر صورتحال پر شہریوں نے شدید احتجاج کیا اور مطالبہ کیا کہ بلدیاتی ادارے فوری طور پر کارروائی کریں۔ مظاہرین کا کہنا تھا کہ کئی ماہ سے کچرا نہیں اٹھایا گیا جس سے بیماریاں پھیلنے کا خدشہ ہے۔

13	روزنامہ آوازہ	بقیہ

ٹیکس وصولیوں میں اضافے کے لیے نئی حکمت عملی وضع کر لی گئی ہے جس کے تحت تاجروں اور صنعتکاروں کو سہولیات فراہم کی جائیں گی جبکہ نادہندگان کے خلاف سخت کارروائی عمل میں لائی جائے گی۔

1	روزنامہ آوازہ	بقیہ

ملک بھر میں شدید گرمی کی لہر برقرار رہنے کا امکان ہے جبکہ محکمہ موسمیات نے عوام کو احتیاط کرنے کی ہدایت کی ہے اور شہریوں سے کہا گیا ہے کہ غیر ضروری طور پر دھوپ میں نکلنے سے گریز کریں۔ اس حوالے سے متعلقہ اداروں کو الرٹ رہنے کا حکم دیا گیا ہے تاکہ کسی بھی ہنگامی صورتحال سے بروقت نمٹا جا سکے۔

2	روزنامہ آوازہ	بقیہ

وزیراعلیٰ نے صوبے میں ترقیاتی منصوبوں کی بروقت تکمیل کے لیے سخت ہدایات جاری کر دیں اور کہا کہ عوامی فلاح کے منصوبوں میں کسی قسم کی تاخیر برداشت نہیں کی جائے گی۔ اجلاس میں متعلقہ محکموں کے سیکرٹریز نے بریفنگ دی۔

3	روزنامہ آوازہ	بقیہ

عدالت نے کیس کی سماعت کے دوران فریقین کے دلائل سننے کے بعد فیصلہ محفوظ کر لیا اور آئندہ سماعت پر متعلقہ حکام کو ریکارڈ سمیت طلب کر لیا گیا۔ عدالت نے ریمارکس دیے کہ قانون کی بالادستی ہر صورت یقینی بنائی جائے گی۔

4	روزنامہ آوازہ	بقیہ

شہر میں صفائی ستھرائی کی ابتر صورتحال پر شہریوں نے شدید احتجاج کیا اور مطالبہ کیا کہ بلدیاتی ادارے فوری طور پر کارروائی کریں۔ مظاہرین کا کہنا تھا کہ کئی ماہ سے کچرا نہیں اٹھایا گیا جس سے بیماریاں پھیلنے کا خدشہ ہے۔

ٹیکس وصولیوں میں اضافے کے لیے نئی حکمت عملی وضع کر لی گئی ہے جس کے تحت تاجروں اور صنعتکاروں کو سہولیات فراہم کی جائیں گی جبکہ نادہندگان کے خلاف سخت کارروائی عمل میں لائی جائے گی۔

ملک بھر میں شدید گرمی کی لہر برقرار رہنے کا امکان ہے جبکہ محکمہ موسمیات نے عوام کو احتیاط کرنے کی ہدایت کی ہے اور شہریوں سے کہا گیا ہے کہ غیر ضروری طور پر دھوپ میں نکلنے سے گریز کریں۔ اس حوالے سے متعلقہ اداروں کو الرٹ رہنے کا حکم دیا گیا ہے تاکہ کسی بھی ہنگامی صورتحال سے بروقت نمٹا جا سکے۔

وزیراعلیٰ نے صوبے میں ترقیاتی منصوبوں کی بروقت تکمیل کے لیے سخت ہدایات جاری کر دیں اور کہا کہ عوامی فلاح کے منصوبوں میں کسی قسم کی تاخیر برداشت نہیں کی جائے گی۔ اجلاس میں متعلقہ محکموں کے سیکرٹریز نے بریفنگ دی۔

عدالت نے کیس کی سماعت کے دوران فریقین کے دلائل سننے کے بعد فیصلہ محفوظ کر لیا اور آئندہ سماعت پر متعلقہ حکام کو ریکارڈ سمیت طلب کر لیا گیا۔ عدالت نے ریمارکس دیے کہ قانون کی بالادستی ہر صورت یقینی بنائی جائے گی۔

5	روزنامہ آوازہ	بقیہ

شہر میں صفائی ستھرائی کی ابتر صورتحال پر شہریوں نے شدید احتجاج کیا اور مطالبہ کیا کہ بلدیاتی ادارے فوری طور پر کارروائی کریں۔ مظاہرین کا کہنا تھا کہ کئی ماہ سے کچرا نہیں اٹھایا گیا جس سے بیماریاں پھیلنے کا خدشہ ہے۔

ٹیکس وصولیوں میں اضافے کے لیے نئی حکمت عملی وضع کر لی گئی ہے جس کے تحت تاجروں اور صنعتکاروں کو سہولیات فراہم کی جائیں گی جبکہ نادہندگان کے خلاف سخت کارروائی عمل میں لائی جائے گی۔

ملک بھر میں شدید گرمی کی لہر برقرار رہنے کا امکان ہے جبکہ محکمہ موسمیات نے عوام کو احتیاط کرنے کی ہدایت کی ہے اور شہریوں سے کہا گیا ہے کہ غیر ضروری طور پر دھوپ میں نکلنے سے گریز کریں۔ اس حوالے سے متعلقہ اداروں کو الرٹ رہنے کا حکم دیا گیا ہے تاکہ کسی بھی ہنگامی صورتحال سے بروقت نمٹا جا سکے۔

6	روزنامہ آوازہ	بقیہ

وزیراعلیٰ نے صوبے میں ترقیاتی منصوبوں کی بروقت تکمیل کے لیے سخت ہدایات جاری کر دیں اور کہا کہ عوامی فلاح کے منصوبوں میں کسی قسم کی تاخیر برداشت نہیں کی جائے گی۔ اجلاس میں متعلقہ محکموں کے سیکرٹریز نے بریفنگ دی۔

عدالت نے کیس کی سماعت کے دوران فریقین کے دلائل سننے کے بعد فیصلہ محفوظ کر لیا اور آئندہ سماعت پر متعلقہ حکام کو ریکارڈ سمیت طلب کر لیا گیا۔ عدالت نے ریمارکس دیے کہ قانون کی بالادستی ہر صورت یقینی بنائی جائے گی۔
